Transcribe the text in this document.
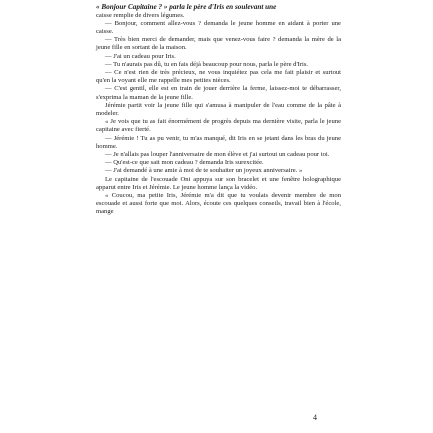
« Bonjour Capitaine ? » parla le père d'Iris en soulevant une

caisse remplie de divers légumes.

— Bonjour, comment allez-vous ? demanda le jeune homme en aidant à porter une caisse.

— Très bien merci de demander, mais que venez-vous faire ? demanda la mère de la jeune fille en sortant de la maison.

— J'ai un cadeau pour Iris.

— Tu n'aurais pas dû, tu en fais déjà beaucoup pour nous, parla le père d'Iris.

— Ce n'est rien de très précieux, ne vous inquiétez pas cela me fait plaisir et surtout qu'en la voyant elle me rappelle mes petites nièces.

— C'est gentil, elle est en train de jouer derrière la ferme, laissez-moi te débarrasser, s'exprima la maman de la jeune fille.

Jérémie partit voir la jeune fille qui s'amusa à manipuler de l'eau comme de la pâte à modeler.

« Je vois que tu as fait énormément de progrès depuis ma dernière visite, parla le jeune capitaine avec fierté.

— Jérémie ! Tu as pu venir, tu m'as manqué, dit Iris en se jetant dans les bras du jeune homme.

— Je n'allais pas louper l'anniversaire de mon élève et j'ai surtout un cadeau pour toi.

— Qu'est-ce que sait mon cadeau ? demanda Iris surexcitée.

— J'ai demandé à une amie à moi de te souhaiter un joyeux anniversaire. »

Le capitaine de l'escouade Oni appuya sur son bracelet et une fenêtre holographique apparut entre Iris et Jérémie. Le jeune homme lança la vidéo.

« Coucou, ma petite Iris, Jérémie m'a dit que tu voulais devenir membre de mon escouade et aussi forte que moi. Alors, écoute ces quelques conseils, travail bien à l'école, mange

4
